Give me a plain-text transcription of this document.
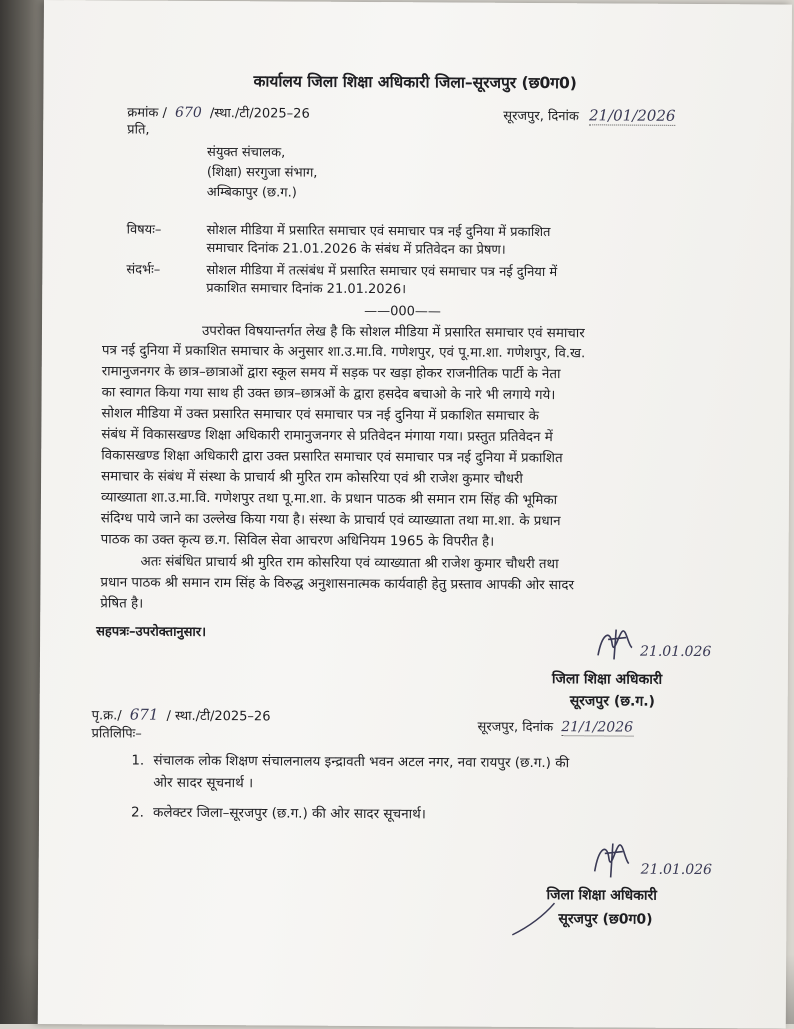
कार्यालय जिला शिक्षा अधिकारी जिला–सूरजपुर (छ0ग0)
क्रमांक / 670 /स्था./टी/2025–26	सूरजपुर, दिनांक 21/01/2026
प्रति,
संयुक्त संचालक,
(शिक्षा) सरगुजा संभाग,
अम्बिकापुर (छ.ग.)
विषयः–	सोशल मीडिया में प्रसारित समाचार एवं समाचार पत्र नई दुनिया में प्रकाशित
समाचार दिनांक 21.01.2026 के संबंध में प्रतिवेदन का प्रेषण।
संदर्भः–	सोशल मीडिया में तत्संबंध में प्रसारित समाचार एवं समाचार पत्र नई दुनिया में
प्रकाशित समाचार दिनांक 21.01.2026।
——000——
उपरोक्त विषयान्तर्गत लेख है कि सोशल मीडिया में प्रसारित समाचार एवं समाचार
पत्र नई दुनिया में प्रकाशित समाचार के अनुसार शा.उ.मा.वि. गणेशपुर, एवं पू.मा.शा. गणेशपुर, वि.ख.
रामानुजनगर के छात्र–छात्राओं द्वारा स्कूल समय में सड़क पर खड़ा होकर राजनीतिक पार्टी के नेता
का स्वागत किया गया साथ ही उक्त छात्र–छात्रओं के द्वारा हसदेव बचाओ के नारे भी लगाये गये।
सोशल मीडिया में उक्त प्रसारित समाचार एवं समाचार पत्र नई दुनिया में प्रकाशित समाचार के
संबंध में विकासखण्ड शिक्षा अधिकारी रामानुजनगर से प्रतिवेदन मंगाया गया। प्रस्तुत प्रतिवेदन में
विकासखण्ड शिक्षा अधिकारी द्वारा उक्त प्रसारित समाचार एवं समाचार पत्र नई दुनिया में प्रकाशित
समाचार के संबंध में संस्था के प्राचार्य श्री मुरित राम कोसरिया एवं श्री राजेश कुमार चौधरी
व्याख्याता शा.उ.मा.वि. गणेशपुर तथा पू.मा.शा. के प्रधान पाठक श्री समान राम सिंह की भूमिका
संदिग्ध पाये जाने का उल्लेख किया गया है। संस्था के प्राचार्य एवं व्याख्याता तथा मा.शा. के प्रधान
पाठक का उक्त कृत्य छ.ग. सिविल सेवा आचरण अधिनियम 1965 के विपरीत है।
अतः संबंधित प्राचार्य श्री मुरित राम कोसरिया एवं व्याख्याता श्री राजेश कुमार चौधरी तथा
प्रधान पाठक श्री समान राम सिंह के विरुद्ध अनुशासनात्मक कार्यवाही हेतु प्रस्ताव आपकी ओर सादर
प्रेषित है।
सहपत्रः–उपरोक्तानुसार।
21.01.026
जिला शिक्षा अधिकारी
सूरजपुर (छ.ग.)
पृ.क्र./ 671 / स्था./टी/2025–26
प्रतिलिपिः–	सूरजपुर, दिनांक 21/1/2026
1. संचालक लोक शिक्षण संचालनालय इन्द्रावती भवन अटल नगर, नवा रायपुर (छ.ग.) की
ओर सादर सूचनार्थ ।
2. कलेक्टर जिला–सूरजपुर (छ.ग.) की ओर सादर सूचनार्थ।
21.01.026
जिला शिक्षा अधिकारी
सूरजपुर (छ0ग0)
